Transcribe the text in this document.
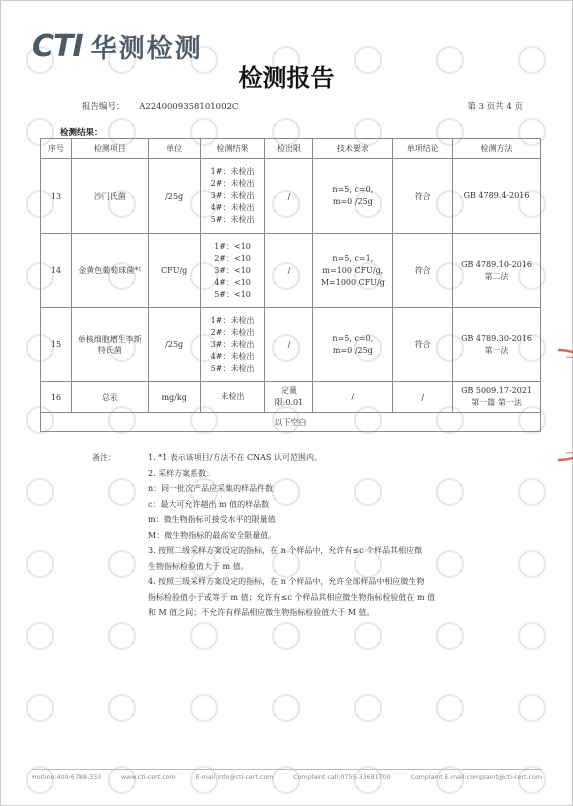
CTI 华测检测
检测报告
报告编号： A2240009358101002C	第 3 页共 4 页
检测结果：
序号	检测项目	单位	检测结果	检出限	技术要求	单项结论	检测方法
13	沙门氏菌	/25g	1#：未检出
2#：未检出
3#：未检出
4#：未检出
5#：未检出	/	n=5, c=0,
m=0 /25g	符合	GB 4789.4-2016

14	金黄色葡萄球菌*¹	CFU/g	1#：<10
2#：<10
3#：<10
4#：<10
5#：<10	/	n=5, c=1,
m=100 CFU/g,
M=1000 CFU/g	符合	GB 4789.10-2016
第二法

15	单核细胞增生李斯特氏菌	/25g	1#：未检出
2#：未检出
3#：未检出
4#：未检出
5#：未检出	/	n=5, c=0,
m=0 /25g	符合	GB 4789.30-2016
第一法

16	总汞	mg/kg	未检出	定量限:0.01	/	/	GB 5009.17-2021
第一篇 第一法

以下空白							
备注：	1. *1 表示该项目/方法不在 CNAS 认可范围内。
2. 采样方案系数：
n：同一批次产品应采集的样品件数
c：最大可允许超出 m 值的样品数
m：微生物指标可接受水平的限量值
M：微生物指标的最高安全限量值。
3. 按照二级采样方案设定的指标，在 n 个样品中，允许有≤c 个样品其相应微
生物指标检验值大于 m 值。
4. 按照三级采样方案设定的指标，在 n 个样品中，允许全部样品中相应微生物
指标检验值小于或等于 m 值；允许有≤c 个样品其相应微生物指标检验值在 m 值
和 M 值之间；不允许有样品相应微生物指标检验值大于 M 值。
Hotline:400-6788-333	www.cti-cert.com	E-mail:info@cti-cert.com	Complaint call:0755-33681700	Complaint E-mail:complaint@cti-cert.com
